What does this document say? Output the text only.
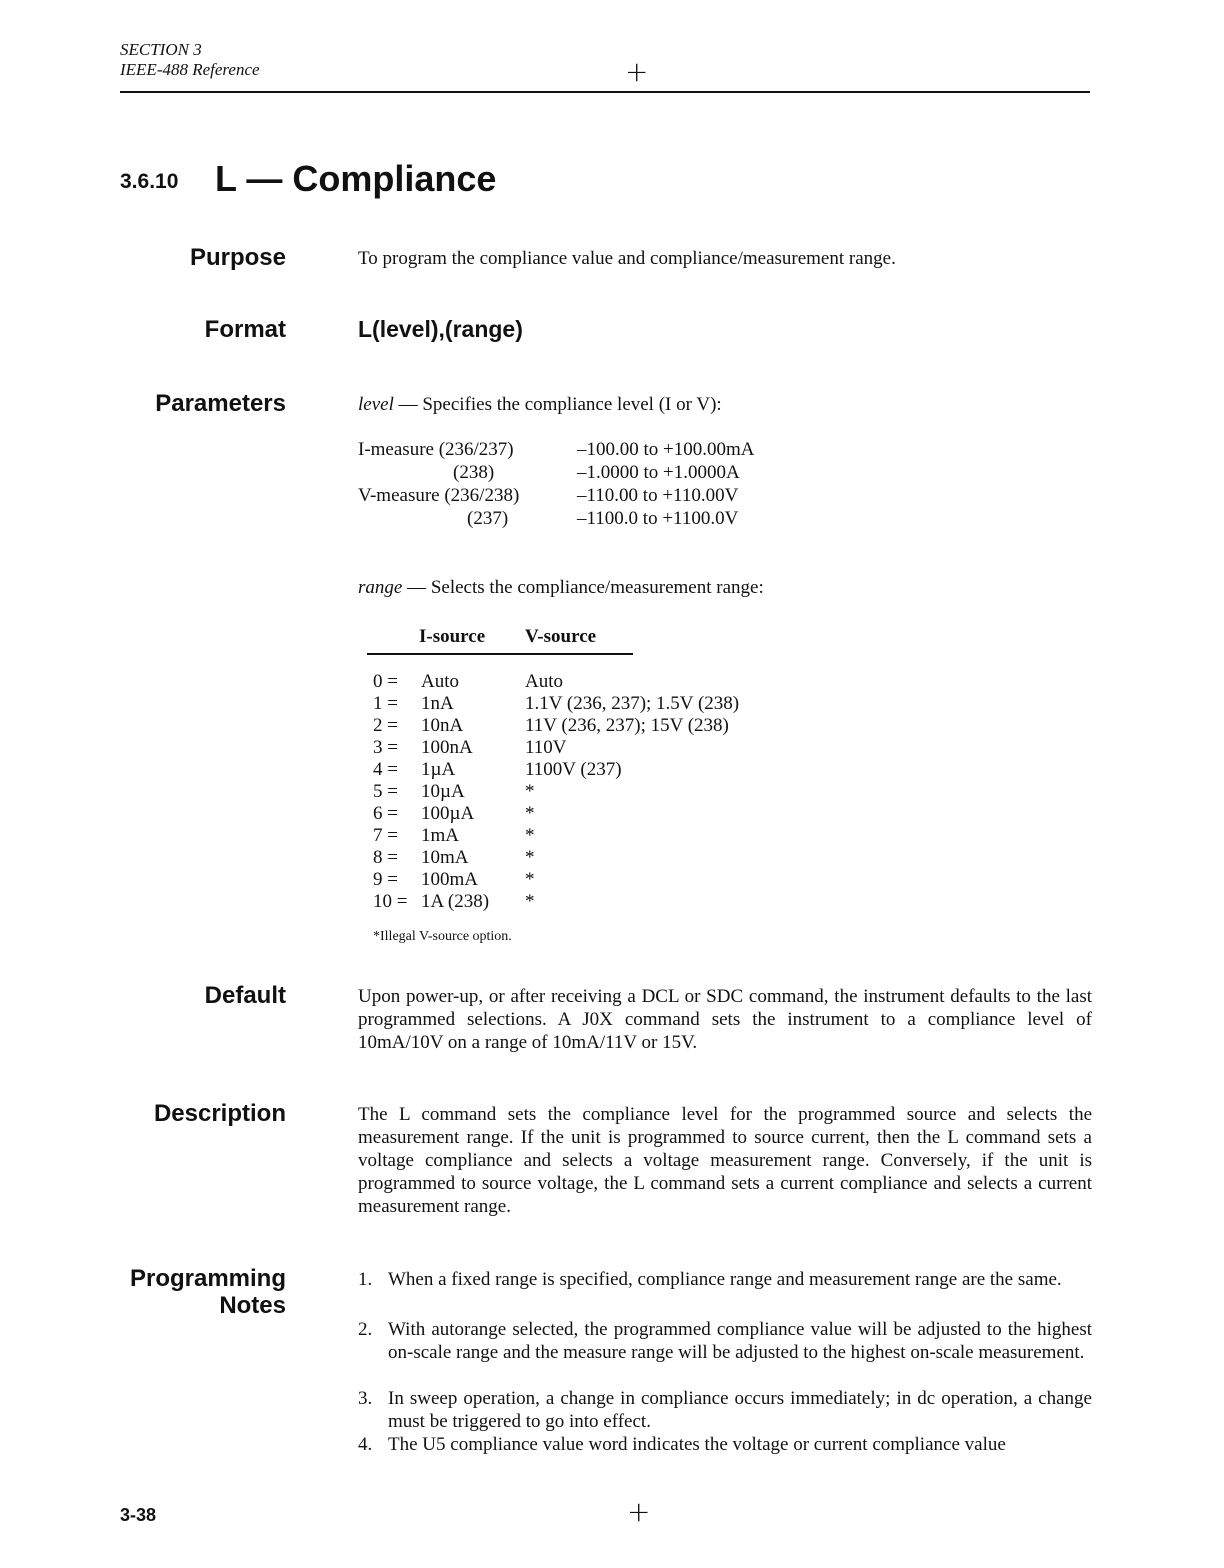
SECTION 3
IEEE-488 Reference	+
3.6.10 L — Compliance
Purpose	To program the compliance value and compliance/measurement range.
Format	L(level),(range)
Parameters	level — Specifies the compliance level (I or V):
I-measure (236/237)	–100.00 to +100.00mA
(238)	–1.0000 to +1.0000A
V-measure (236/238)	–110.00 to +110.00V
(237)	–1100.0 to +1100.0V
range — Selects the compliance/measurement range:
I-source V-source
0 = Auto	Auto
1 = 1nA	1.1V (236, 237); 1.5V (238)
2 = 10nA	11V (236, 237); 15V (238)
3 = 100nA	110V
4 = 1µA	1100V (237)
5 = 10µA	*
6 = 100µA	*
7 = 1mA	*
8 = 10mA	*
9 = 100mA *
10 = 1A (238) *
*Illegal V-source option.
Default	Upon power-up, or after receiving a DCL or SDC command, the instrument defaults to the last programmed selections. A J0X command sets the instrument to a compliance level of 10mA/10V on a range of 10mA/11V or 15V.
Description	The L command sets the compliance level for the programmed source and selects the measurement range. If the unit is programmed to source current, then the L command sets a voltage compliance and selects a voltage measurement range. Conversely, if the unit is programmed to source voltage, the L command sets a current compliance and selects a current measurement range.
Programming
Notes
1. When a fixed range is specified, compliance range and measurement range are the same.
2. With autorange selected, the programmed compliance value will be adjusted to the highest on-scale range and the measure range will be adjusted to the highest on-scale measurement.
3. In sweep operation, a change in compliance occurs immediately; in dc operation, a change must be triggered to go into effect.
4. The U5 compliance value word indicates the voltage or current compliance value
3-38	+
